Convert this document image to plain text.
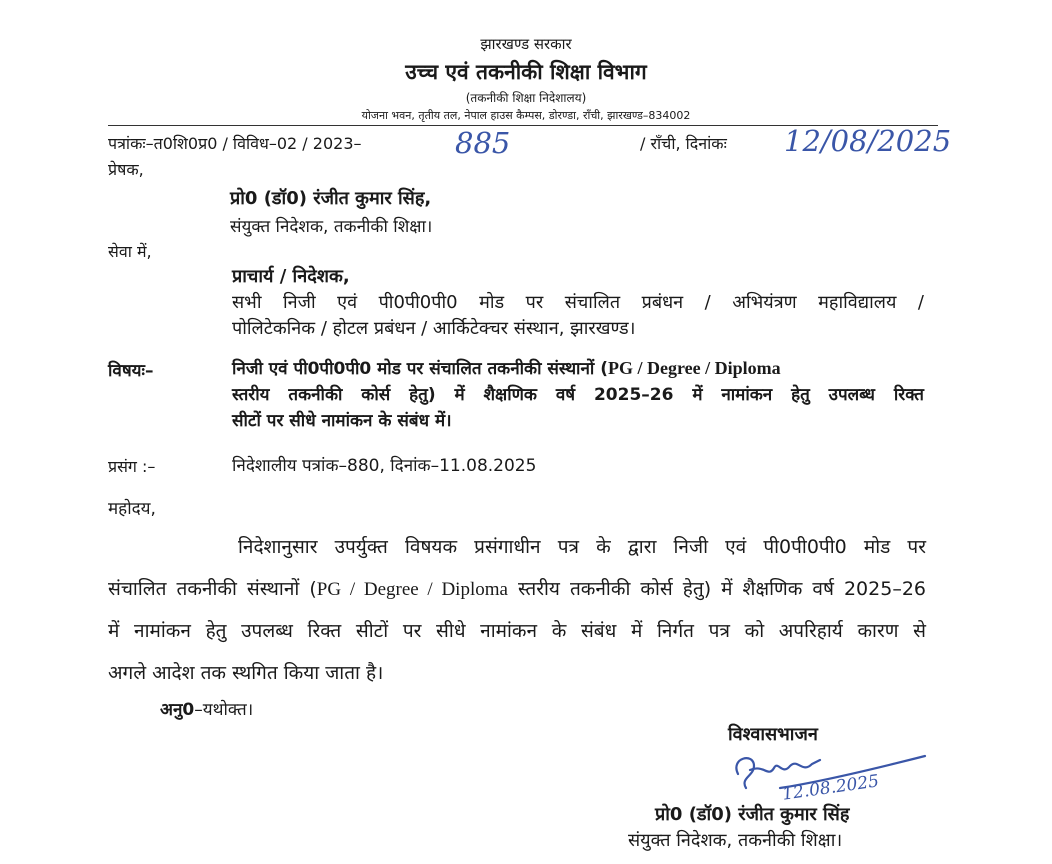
झारखण्ड सरकार
उच्च एवं तकनीकी शिक्षा विभाग
(तकनीकी शिक्षा निदेशालय)
योजना भवन, तृतीय तल, नेपाल हाउस कैम्पस, डोरण्डा, राँची, झारखण्ड–834002
पत्रांकः–त0शि0प्र0 / विविध–02 / 2023–	885	/ राँची, दिनांकः 12/08/2025
प्रेषक,
प्रो0 (डॉ0) रंजीत कुमार सिंह,
संयुक्त निदेशक, तकनीकी शिक्षा।
सेवा में,
प्राचार्य / निदेशक,
सभी निजी एवं पी0पी0पी0 मोड पर संचालित प्रबंधन / अभियंत्रण महाविद्यालय /
पोलिटेकनिक / होटल प्रबंधन / आर्किटेक्चर संस्थान, झारखण्ड।
विषयः–	निजी एवं पी0पी0पी0 मोड पर संचालित तकनीकी संस्थानों (PG / Degree / Diploma
स्तरीय तकनीकी कोर्स हेतु) में शैक्षणिक वर्ष 2025–26 में नामांकन हेतु उपलब्ध रिक्त
सीटों पर सीधे नामांकन के संबंध में।
प्रसंग :–	निदेशालीय पत्रांक–880, दिनांक–11.08.2025
महोदय,
निदेशानुसार उपर्युक्त विषयक प्रसंगाधीन पत्र के द्वारा निजी एवं पी0पी0पी0 मोड पर
संचालित तकनीकी संस्थानों (PG / Degree / Diploma स्तरीय तकनीकी कोर्स हेतु) में शैक्षणिक वर्ष 2025–26
में नामांकन हेतु उपलब्ध रिक्त सीटों पर सीधे नामांकन के संबंध में निर्गत पत्र को अपरिहार्य कारण से
अगले आदेश तक स्थगित किया जाता है।
अनु0–यथोक्त।
विश्वासभाजन
12.08.2025
प्रो0 (डॉ0) रंजीत कुमार सिंह
संयुक्त निदेशक, तकनीकी शिक्षा।
